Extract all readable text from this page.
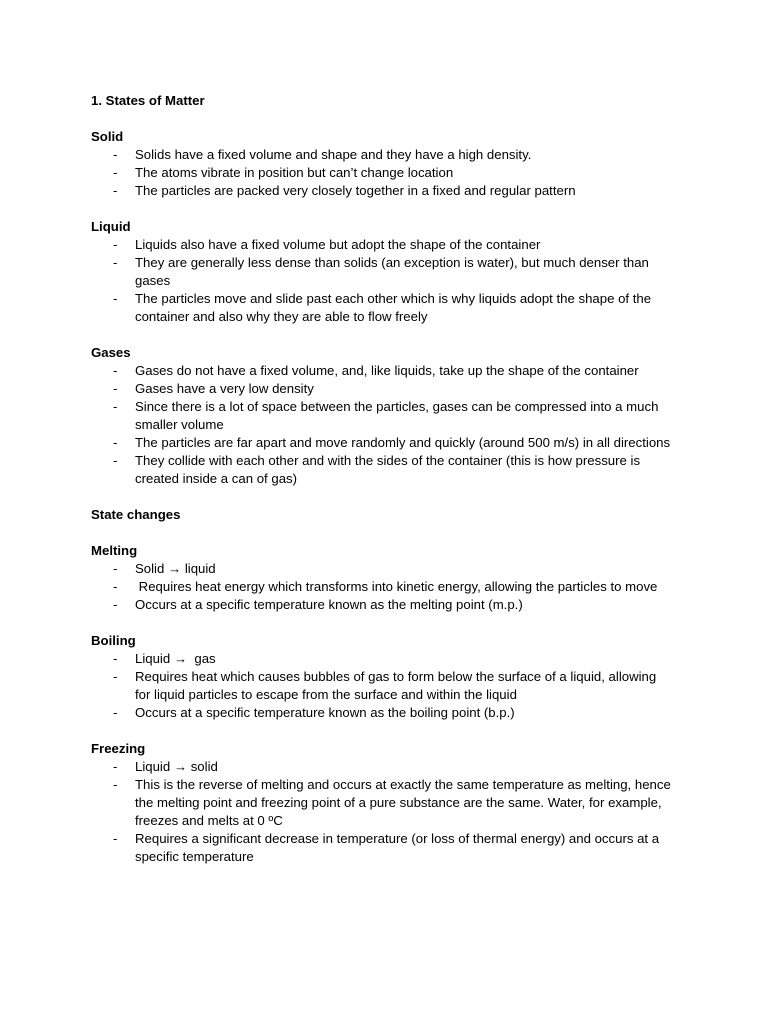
1. States of Matter

Solid

- Solids have a fixed volume and shape and they have a high density.
- The atoms vibrate in position but can’t change location
- The particles are packed very closely together in a fixed and regular pattern

Liquid

- Liquids also have a fixed volume but adopt the shape of the container
- They are generally less dense than solids (an exception is water), but much denser than gases
- The particles move and slide past each other which is why liquids adopt the shape of the container and also why they are able to flow freely

Gases

- Gases do not have a fixed volume, and, like liquids, take up the shape of the container
- Gases have a very low density
- Since there is a lot of space between the particles, gases can be compressed into a much smaller volume
- The particles are far apart and move randomly and quickly (around 500 m/s) in all directions
- They collide with each other and with the sides of the container (this is how pressure is created inside a can of gas)

State changes

Melting

- Solid → liquid
- Requires heat energy which transforms into kinetic energy, allowing the particles to move
- Occurs at a specific temperature known as the melting point (m.p.)

Boiling

- Liquid →  gas
- Requires heat which causes bubbles of gas to form below the surface of a liquid, allowing for liquid particles to escape from the surface and within the liquid
- Occurs at a specific temperature known as the boiling point (b.p.)

Freezing

- Liquid → solid
- This is the reverse of melting and occurs at exactly the same temperature as melting, hence the melting point and freezing point of a pure substance are the same. Water, for example, freezes and melts at 0 ºC
- Requires a significant decrease in temperature (or loss of thermal energy) and occurs at a specific temperature
